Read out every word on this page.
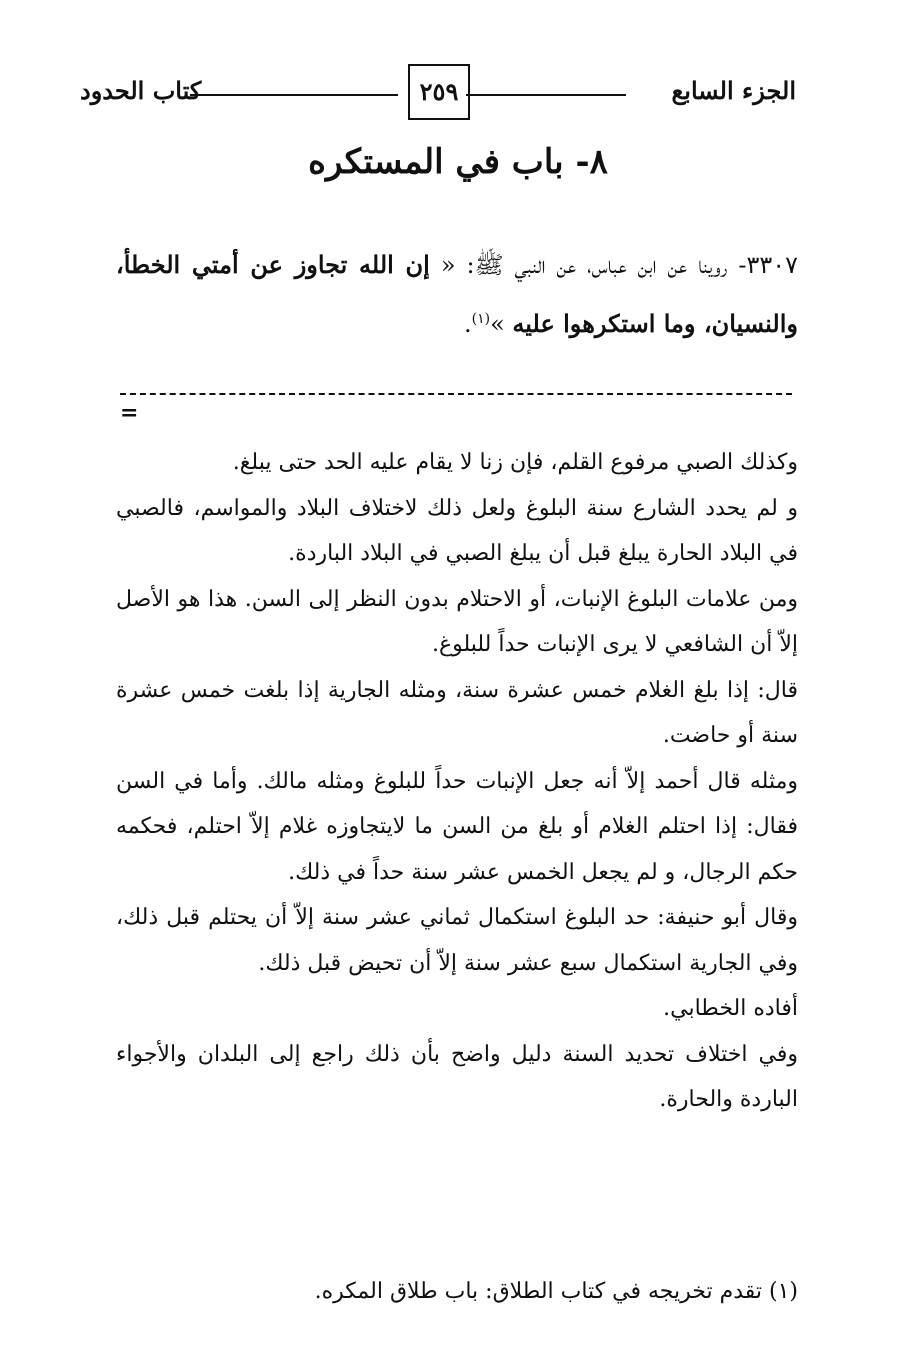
الجزء السابع
٢٥٩
كتاب الحدود
٨- باب في المستكره
٣٣٠٧- روينا عن ابن عباس، عن النبي ﷺ: « إن الله تجاوز عن أمتي الخطأ، والنسيان، وما استكرهوا عليه »$^{(١)}$.
=

وكذلك الصبي مرفوع القلم، فإن زنا لا يقام عليه الحد حتى يبلغ.

و لم يحدد الشارع سنة البلوغ ولعل ذلك لاختلاف البلاد والمواسم، فالصبي في البلاد الحارة يبلغ قبل أن يبلغ الصبي في البلاد الباردة.

ومن علامات البلوغ الإنبات، أو الاحتلام بدون النظر إلى السن. هذا هو الأصل إلاّ أن الشافعي لا يرى الإنبات حداً للبلوغ.

قال: إذا بلغ الغلام خمس عشرة سنة، ومثله الجارية إذا بلغت خمس عشرة سنة أو حاضت.

ومثله قال أحمد إلاّ أنه جعل الإنبات حداً للبلوغ ومثله مالك. وأما في السن فقال: إذا احتلم الغلام أو بلغ من السن ما لايتجاوزه غلام إلاّ احتلم، فحكمه حكم الرجال، و لم يجعل الخمس عشر سنة حداً في ذلك.

وقال أبو حنيفة: حد البلوغ استكمال ثماني عشر سنة إلاّ أن يحتلم قبل ذلك، وفي الجارية استكمال سبع عشر سنة إلاّ أن تحيض قبل ذلك.

أفاده الخطابي.

وفي اختلاف تحديد السنة دليل واضح بأن ذلك راجع إلى البلدان والأجواء الباردة والحارة.

(١) تقدم تخريجه في كتاب الطلاق: باب طلاق المكره.
